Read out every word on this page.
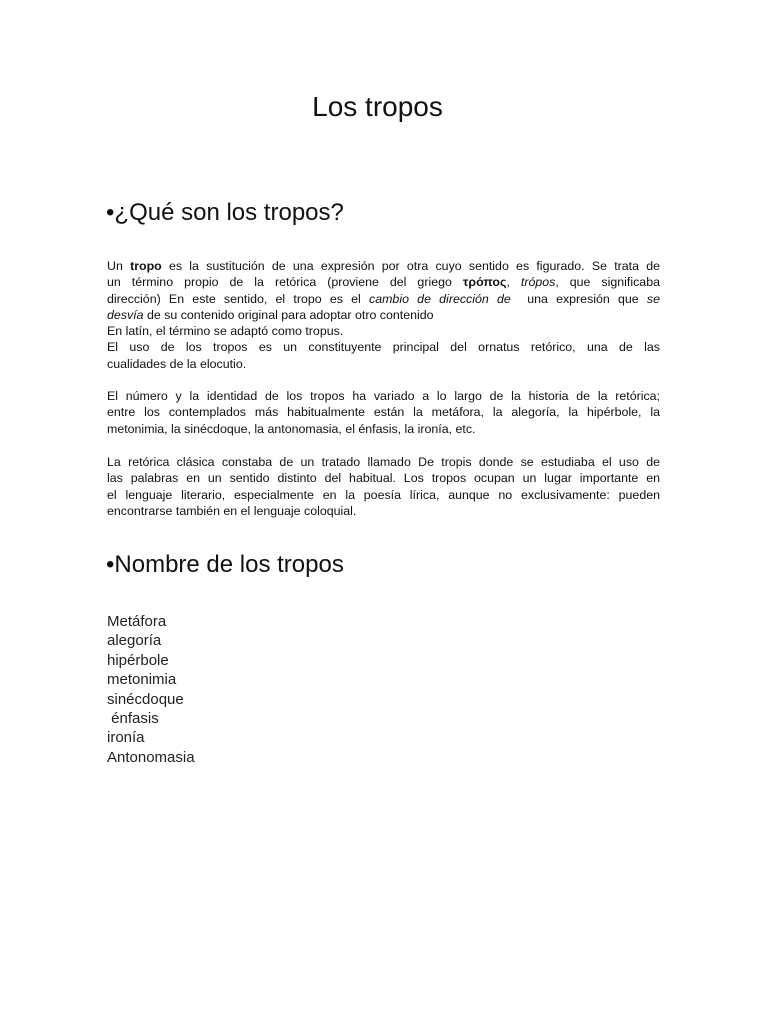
Los tropos
•¿Qué son los tropos?

Un tropo es la sustitución de una expresión por otra cuyo sentido es figurado. Se trata de
un término propio de la retórica (proviene del griego τρόπος, trópos, que significaba
dirección) En este sentido, el tropo es el cambio de dirección de  una expresión que se
desvía de su contenido original para adoptar otro contenido
En latín, el término se adaptó como tropus.
El uso de los tropos es un constituyente principal del ornatus retórico, una de las
cualidades de la elocutio.

El número y la identidad de los tropos ha variado a lo largo de la historia de la retórica;
entre los contemplados más habitualmente están la metáfora, la alegoría, la hipérbole, la
metonimia, la sinécdoque, la antonomasia, el énfasis, la ironía, etc.

La retórica clásica constaba de un tratado llamado De tropis donde se estudiaba el uso de
las palabras en un sentido distinto del habitual. Los tropos ocupan un lugar importante en
el lenguaje literario, especialmente en la poesía lírica, aunque no exclusivamente: pueden
encontrarse también en el lenguaje coloquial.

•Nombre de los tropos
Metáfora
alegoría
hipérbole
metonimia
sinécdoque
énfasis
ironía
Antonomasia
